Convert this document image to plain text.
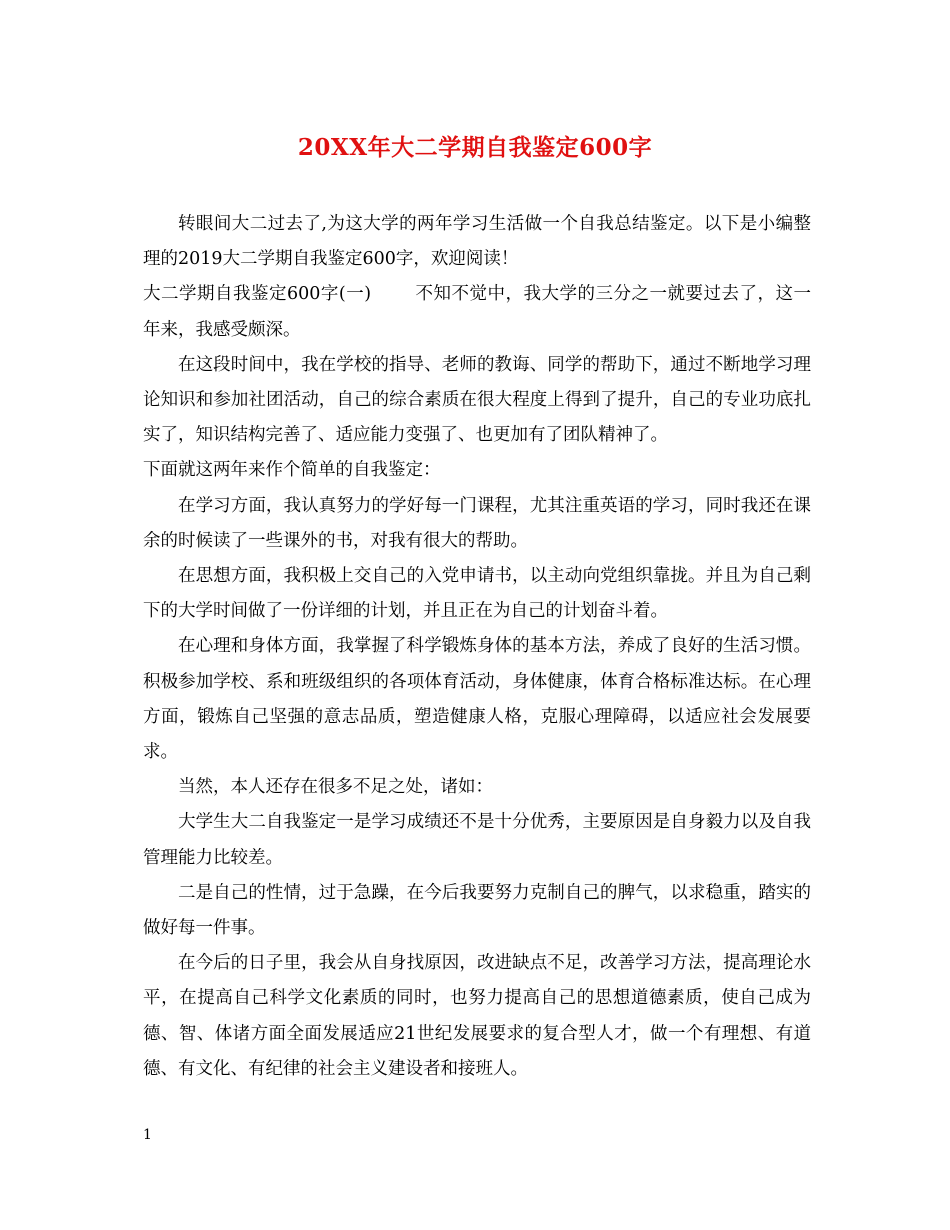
20XX年大二学期自我鉴定600字

转眼间大二过去了,为这大学的两年学习生活做一个自我总结鉴定。以下是小编整理的2019大二学期自我鉴定600字，欢迎阅读！

大二学期自我鉴定600字(一)	不知不觉中，我大学的三分之一就要过去了，这一年来，我感受颇深。

在这段时间中，我在学校的指导、老师的教诲、同学的帮助下，通过不断地学习理论知识和参加社团活动，自己的综合素质在很大程度上得到了提升，自己的专业功底扎实了，知识结构完善了、适应能力变强了、也更加有了团队精神了。

下面就这两年来作个简单的自我鉴定：

在学习方面，我认真努力的学好每一门课程，尤其注重英语的学习，同时我还在课余的时候读了一些课外的书，对我有很大的帮助。

在思想方面，我积极上交自己的入党申请书，以主动向党组织靠拢。并且为自己剩下的大学时间做了一份详细的计划，并且正在为自己的计划奋斗着。

在心理和身体方面，我掌握了科学锻炼身体的基本方法，养成了良好的生活习惯。积极参加学校、系和班级组织的各项体育活动，身体健康，体育合格标准达标。在心理方面，锻炼自己坚强的意志品质，塑造健康人格，克服心理障碍，以适应社会发展要求。

当然，本人还存在很多不足之处，诸如：

大学生大二自我鉴定一是学习成绩还不是十分优秀，主要原因是自身毅力以及自我管理能力比较差。

二是自己的性情，过于急躁，在今后我要努力克制自己的脾气，以求稳重，踏实的做好每一件事。

在今后的日子里，我会从自身找原因，改进缺点不足，改善学习方法，提高理论水平，在提高自己科学文化素质的同时，也努力提高自己的思想道德素质，使自己成为德、智、体诸方面全面发展适应21世纪发展要求的复合型人才，做一个有理想、有道德、有文化、有纪律的社会主义建设者和接班人。

1
